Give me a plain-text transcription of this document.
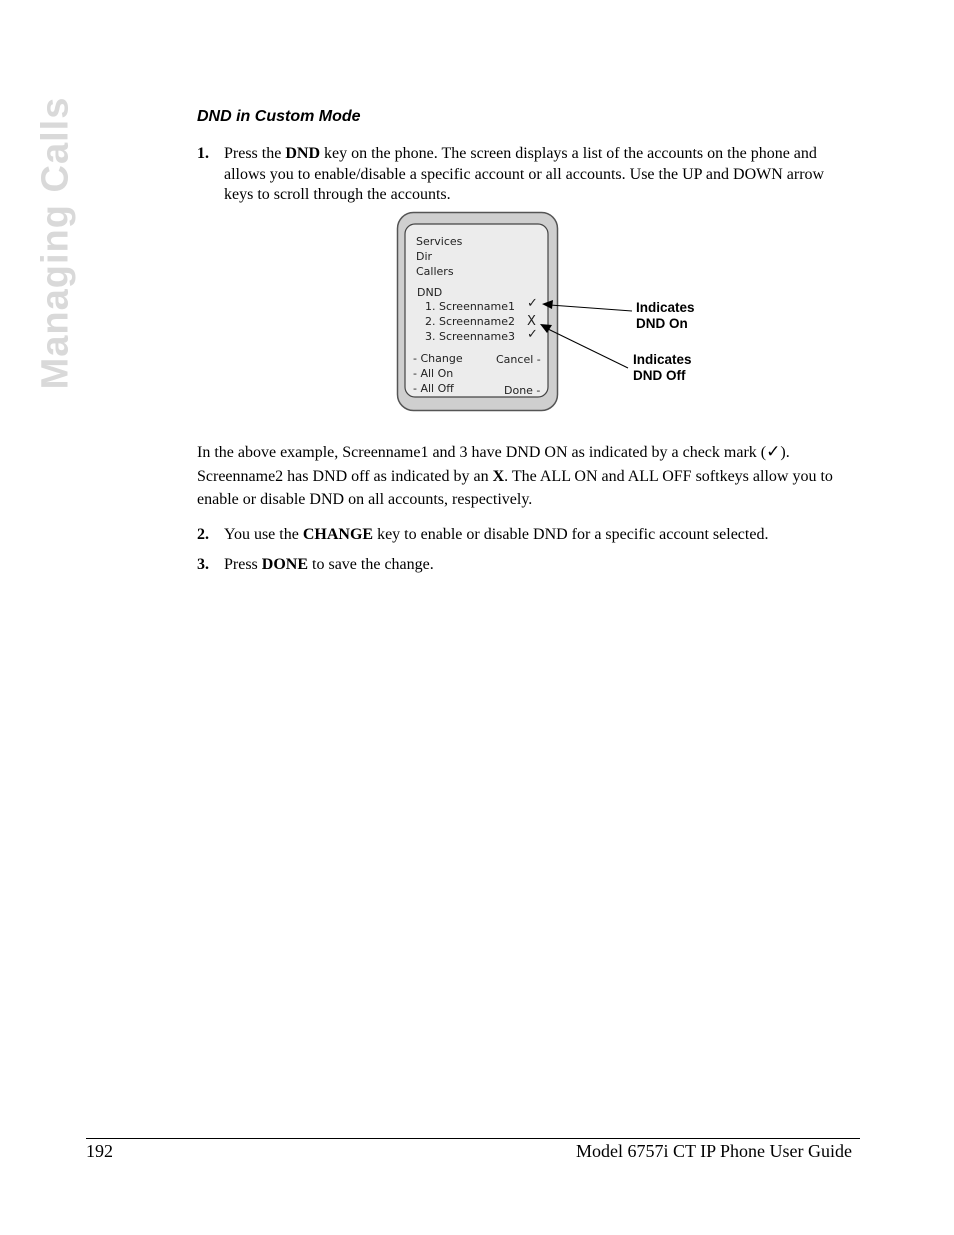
Managing Calls	DND in Custom Mode
1. Press the DND key on the phone. The screen displays a list of the accounts on the phone and allows you to enable/disable a specific account or all accounts. Use the UP and DOWN arrow keys to scroll through the accounts.
Services
Dir
Callers
DND
1. Screenname1 ✓
2. Screenname2 X
3. Screenname3 ✓
- Change
- All On
- All Off
Cancel -
Done -
Indicates
DND On
Indicates
DND Off
In the above example, Screenname1 and 3 have DND ON as indicated by a check mark (✓). Screenname2 has DND off as indicated by an X. The ALL ON and ALL OFF softkeys allow you to enable or disable DND on all accounts, respectively.
2. You use the CHANGE key to enable or disable DND for a specific account selected.
3. Press DONE to save the change.
192	Model 6757i CT IP Phone User Guide
